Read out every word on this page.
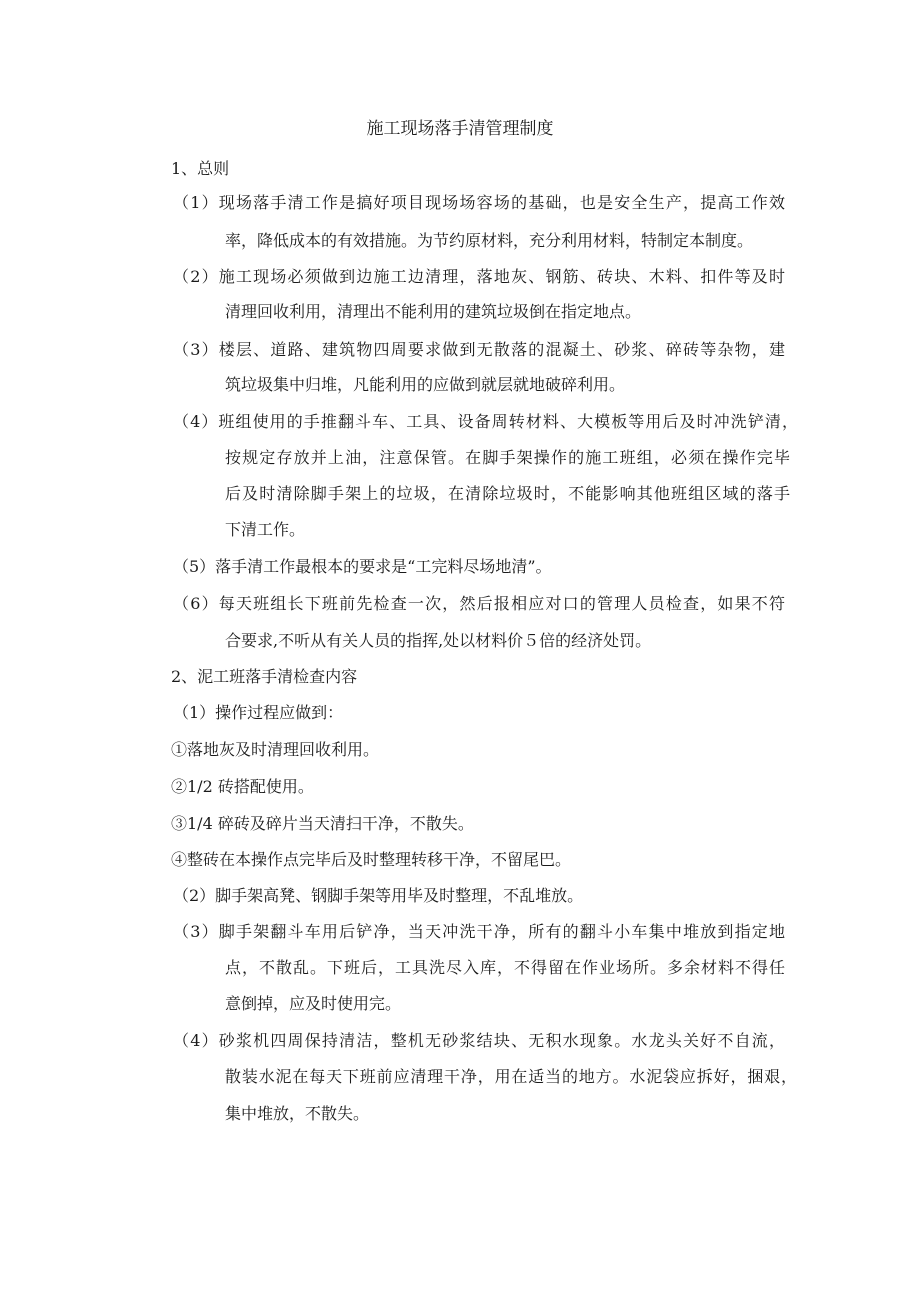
施工现场落手清管理制度
1、总则
（1）现场落手清工作是搞好项目现场场容场的基础，也是安全生产，提高工作效
率，降低成本的有效措施。为节约原材料，充分利用材料，特制定本制度。
（2）施工现场必须做到边施工边清理，落地灰、钢筋、砖块、木料、扣件等及时
清理回收利用，清理出不能利用的建筑垃圾倒在指定地点。
（3）楼层、道路、建筑物四周要求做到无散落的混凝土、砂浆、碎砖等杂物，建
筑垃圾集中归堆，凡能利用的应做到就层就地破碎利用。
（4）班组使用的手推翻斗车、工具、设备周转材料、大模板等用后及时冲洗铲清，
按规定存放并上油，注意保管。在脚手架操作的施工班组，必须在操作完毕
后及时清除脚手架上的垃圾，在清除垃圾时，不能影响其他班组区域的落手
下清工作。
（5）落手清工作最根本的要求是“工完料尽场地清”。
（6）每天班组长下班前先检查一次，然后报相应对口的管理人员检查，如果不符
合要求,不听从有关人员的指挥,处以材料价５倍的经济处罚。
2、泥工班落手清检查内容
（1）操作过程应做到：
①落地灰及时清理回收利用。
②1/2 砖搭配使用。
③1/4 碎砖及碎片当天清扫干净，不散失。
④整砖在本操作点完毕后及时整理转移干净，不留尾巴。
（2）脚手架高凳、钢脚手架等用毕及时整理，不乱堆放。
（3）脚手架翻斗车用后铲净，当天冲洗干净，所有的翻斗小车集中堆放到指定地
点，不散乱。下班后，工具洗尽入库，不得留在作业场所。多余材料不得任
意倒掉，应及时使用完。
（4）砂浆机四周保持清洁，整机无砂浆结块、无积水现象。水龙头关好不自流，
散装水泥在每天下班前应清理干净，用在适当的地方。水泥袋应拆好，捆艰，
集中堆放，不散失。
